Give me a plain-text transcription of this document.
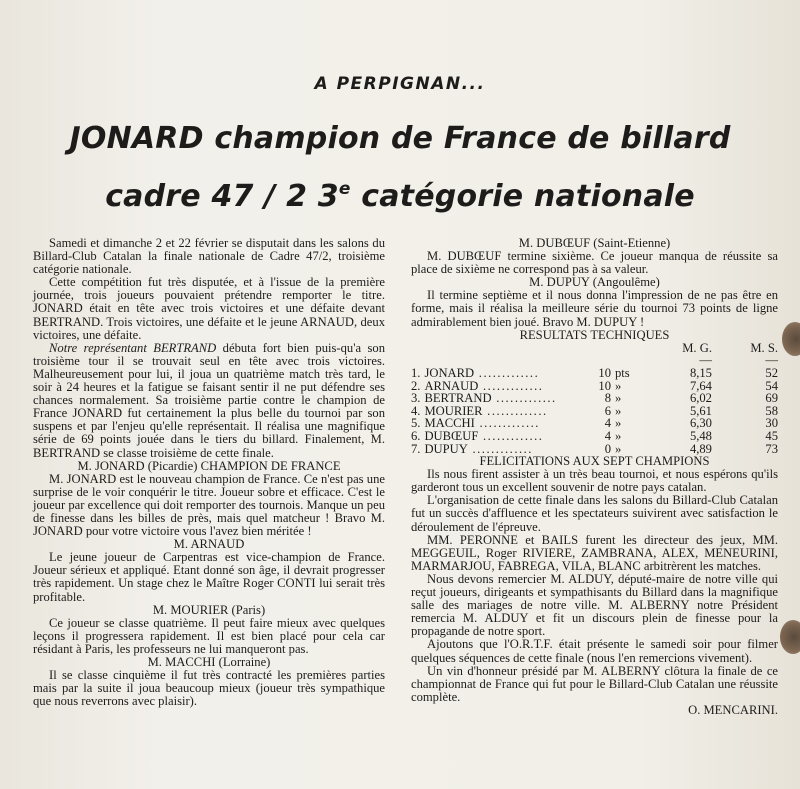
A PERPIGNAN...
JONARD champion de France de billard
cadre 47 / 2 3e catégorie nationale

Samedi et dimanche 2 et 22 février se disputait dans les salons du Billard-Club Catalan la finale nationale de Cadre 47/2, troisième catégorie nationale.

Cette compétition fut très disputée, et à l'issue de la première journée, trois joueurs pouvaient prétendre remporter le titre. JONARD était en tête avec trois victoires et une défaite devant BERTRAND. Trois victoires, une défaite et le jeune ARNAUD, deux victoires, une défaite.

Notre représentant BERTRAND débuta fort bien puis-qu'a son troisième tour il se trouvait seul en tête avec trois victoires. Malheureusement pour lui, il joua un quatrième match très tard, le soir à 24 heures et la fatigue se faisant sentir il ne put défendre ses chances normalement. Sa troisième partie contre le champion de France JONARD fut certainement la plus belle du tournoi par son suspens et par l'enjeu qu'elle représentait. Il réalisa une magnifique série de 69 points jouée dans le tiers du billard. Finalement, M. BERTRAND se classe troisième de cette finale.

M. JONARD (Picardie) CHAMPION DE FRANCE

M. JONARD est le nouveau champion de France. Ce n'est pas une surprise de le voir conquérir le titre. Joueur sobre et efficace. C'est le joueur par excellence qui doit remporter des tournois. Manque un peu de finesse dans les billes de près, mais quel matcheur ! Bravo M. JONARD pour votre victoire vous l'avez bien méritée !

M. ARNAUD

Le jeune joueur de Carpentras est vice-champion de France. Joueur sérieux et appliqué. Etant donné son âge, il devrait progresser très rapidement. Un stage chez le Maître Roger CONTI lui serait très profitable.

M. MOURIER (Paris)

Ce joueur se classe quatrième. Il peut faire mieux avec quelques leçons il progressera rapidement. Il est bien placé pour cela car résidant à Paris, les professeurs ne lui manqueront pas.

M. MACCHI (Lorraine)

Il se classe cinquième il fut très contracté les premières parties mais par la suite il joua beaucoup mieux (joueur très sympathique que nous reverrons avec plaisir).

M. DUBŒUF (Saint-Etienne)

M. DUBŒUF termine sixième. Ce joueur manqua de réussite sa place de sixième ne correspond pas à sa valeur.

M. DUPUY (Angoulême)

Il termine septième et il nous donna l'impression de ne pas être en forme, mais il réalisa la meilleure série du tournoi 73 points de ligne admirablement bien joué. Bravo M. DUPUY !

RESULTATS TECHNIQUES

			M. G.	M. S.
			—	—
1. JONARD .............	10	pts	8,15	52
2. ARNAUD .............	10	»	7,64	54
3. BERTRAND .............	8	»	6,02	69
4. MOURIER .............	6	»	5,61	58
5. MACCHI .............	4	»	6,30	30
6. DUBŒUF .............	4	»	5,48	45
7. DUPUY .............	0	»	4,89	73

FELICITATIONS AUX SEPT CHAMPIONS

Ils nous firent assister à un très beau tournoi, et nous espérons qu'ils garderont tous un excellent souvenir de notre pays catalan.

L'organisation de cette finale dans les salons du Billard-Club Catalan fut un succès d'affluence et les spectateurs suivirent avec satisfaction le déroulement de l'épreuve.

MM. PERONNE et BAILS furent les directeur des jeux, MM. MEGGEUIL, Roger RIVIERE, ZAMBRANA, ALEX, MENEURINI, MARMARJOU, FABREGA, VILA, BLANC arbitrèrent les matches.

Nous devons remercier M. ALDUY, député-maire de notre ville qui reçut joueurs, dirigeants et sympathisants du Billard dans la magnifique salle des mariages de notre ville. M. ALBERNY notre Président remercia M. ALDUY et fit un discours plein de finesse pour la propagande de notre sport.

Ajoutons que l'O.R.T.F. était présente le samedi soir pour filmer quelques séquences de cette finale (nous l'en remercions vivement).

Un vin d'honneur présidé par M. ALBERNY clôtura la finale de ce championnat de France qui fut pour le Billard-Club Catalan une réussite complète.

O. MENCARINI.
